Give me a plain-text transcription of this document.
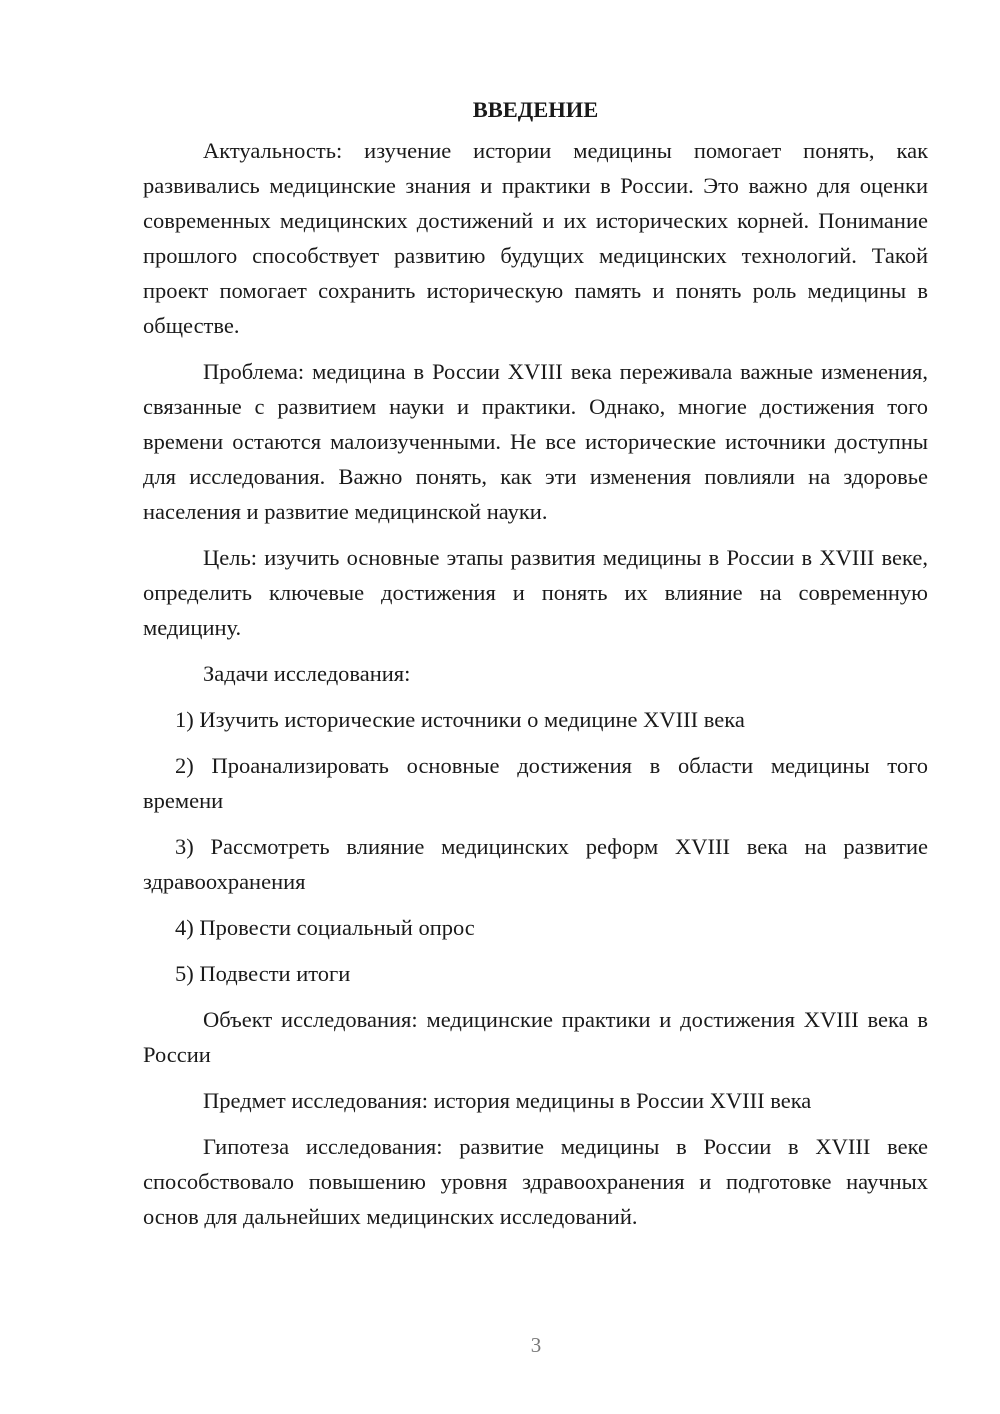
ВВЕДЕНИЕ

Актуальность: изучение истории медицины помогает понять, как развивались медицинские знания и практики в России. Это важно для оценки современных медицинских достижений и их исторических корней. Понимание прошлого способствует развитию будущих медицинских технологий. Такой проект помогает сохранить историческую память и понять роль медицины в обществе.

Проблема: медицина в России XVIII века переживала важные изменения, связанные с развитием науки и практики. Однако, многие достижения того времени остаются малоизученными. Не все исторические источники доступны для исследования. Важно понять, как эти изменения повлияли на здоровье населения и развитие медицинской науки.

Цель: изучить основные этапы развития медицины в России в XVIII веке, определить ключевые достижения и понять их влияние на современную медицину.

Задачи исследования:

1) Изучить исторические источники о медицине XVIII века

2) Проанализировать основные достижения в области медицины того времени

3) Рассмотреть влияние медицинских реформ XVIII века на развитие здравоохранения

4) Провести социальный опрос

5) Подвести итоги

Объект исследования: медицинские практики и достижения XVIII века в России

Предмет исследования: история медицины в России XVIII века

Гипотеза исследования: развитие медицины в России в XVIII веке способствовало повышению уровня здравоохранения и подготовке научных основ для дальнейших медицинских исследований.

3
